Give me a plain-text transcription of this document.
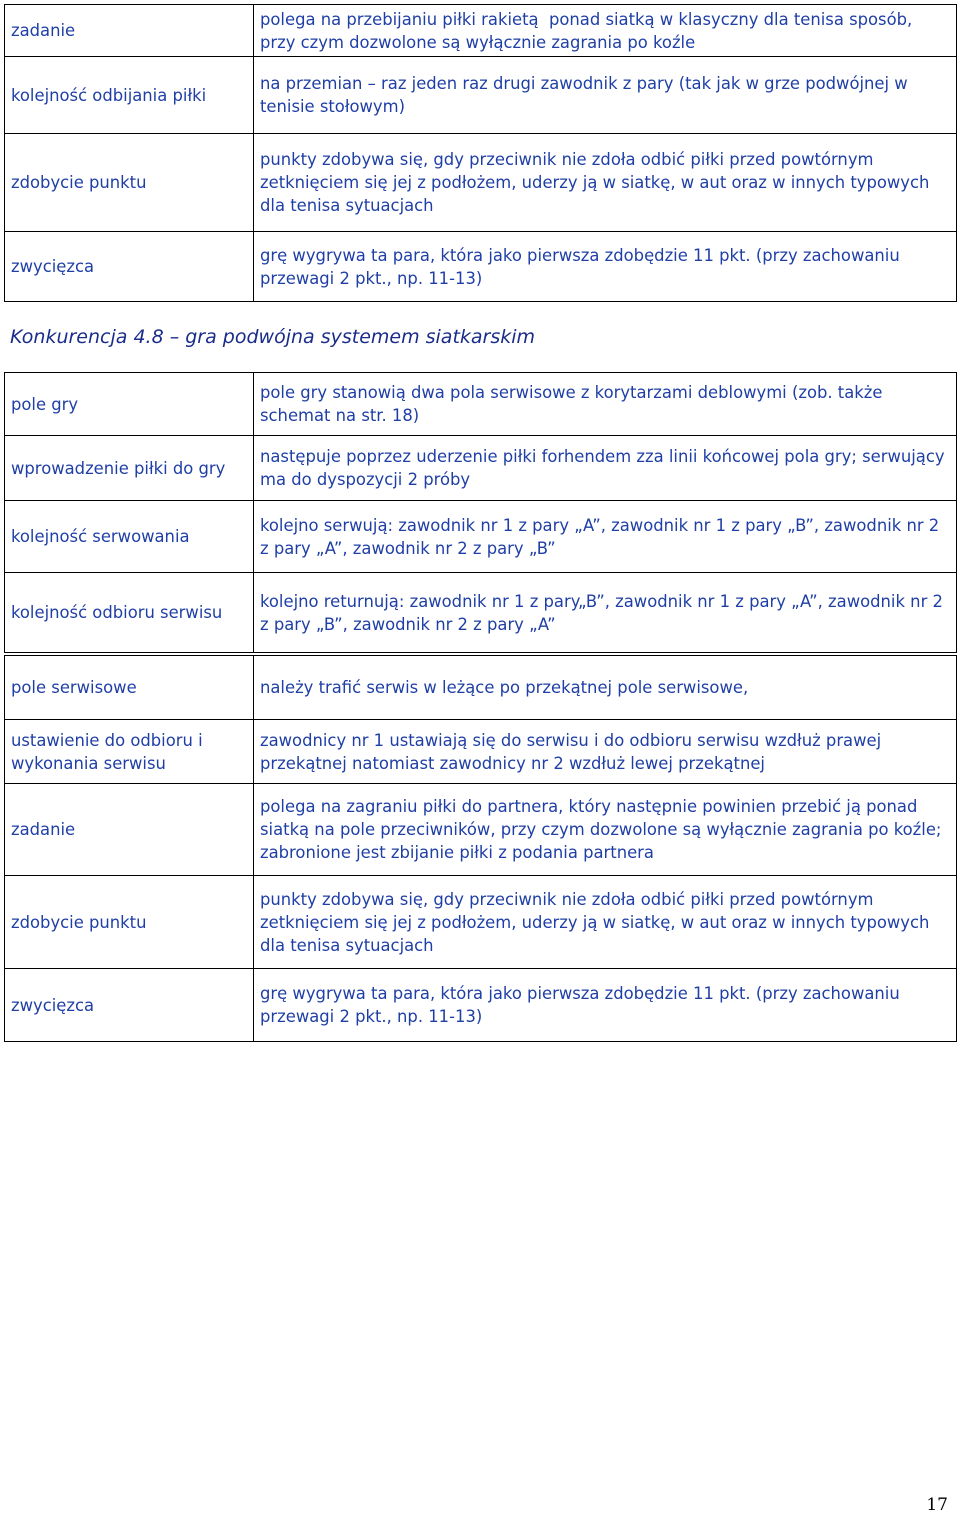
zadanie	polega na przebijaniu piłki rakietą  ponad siatką w klasyczny dla tenisa sposób, przy czym dozwolone są wyłącznie zagrania po koźle
kolejność odbijania piłki	na przemian – raz jeden raz drugi zawodnik z pary (tak jak w grze podwójnej w tenisie stołowym)
zdobycie punktu	punkty zdobywa się, gdy przeciwnik nie zdoła odbić piłki przed powtórnym zetknięciem się jej z podłożem, uderzy ją w siatkę, w aut oraz w innych typowych dla tenisa sytuacjach
zwycięzca	grę wygrywa ta para, która jako pierwsza zdobędzie 11 pkt. (przy zachowaniu przewagi 2 pkt., np. 11-13)
Konkurencja 4.8 – gra podwójna systemem siatkarskim
pole gry	pole gry stanowią dwa pola serwisowe z korytarzami deblowymi (zob. także schemat na str. 18)
wprowadzenie piłki do gry	następuje poprzez uderzenie piłki forhendem zza linii końcowej pola gry; serwujący ma do dyspozycji 2 próby
kolejność serwowania	kolejno serwują: zawodnik nr 1 z pary „A”, zawodnik nr 1 z pary „B”, zawodnik nr 2 z pary „A”, zawodnik nr 2 z pary „B”
kolejność odbioru serwisu	kolejno returnują: zawodnik nr 1 z pary„B”, zawodnik nr 1 z pary „A”, zawodnik nr 2 z pary „B”, zawodnik nr 2 z pary „A”
pole serwisowe	należy trafić serwis w leżące po przekątnej pole serwisowe,
ustawienie do odbioru i wykonania serwisu	zawodnicy nr 1 ustawiają się do serwisu i do odbioru serwisu wzdłuż prawej przekątnej natomiast zawodnicy nr 2 wzdłuż lewej przekątnej
zadanie	polega na zagraniu piłki do partnera, który następnie powinien przebić ją ponad siatką na pole przeciwników, przy czym dozwolone są wyłącznie zagrania po koźle; zabronione jest zbijanie piłki z podania partnera
zdobycie punktu	punkty zdobywa się, gdy przeciwnik nie zdoła odbić piłki przed powtórnym zetknięciem się jej z podłożem, uderzy ją w siatkę, w aut oraz w innych typowych dla tenisa sytuacjach
zwycięzca	grę wygrywa ta para, która jako pierwsza zdobędzie 11 pkt. (przy zachowaniu przewagi 2 pkt., np. 11-13)
17
